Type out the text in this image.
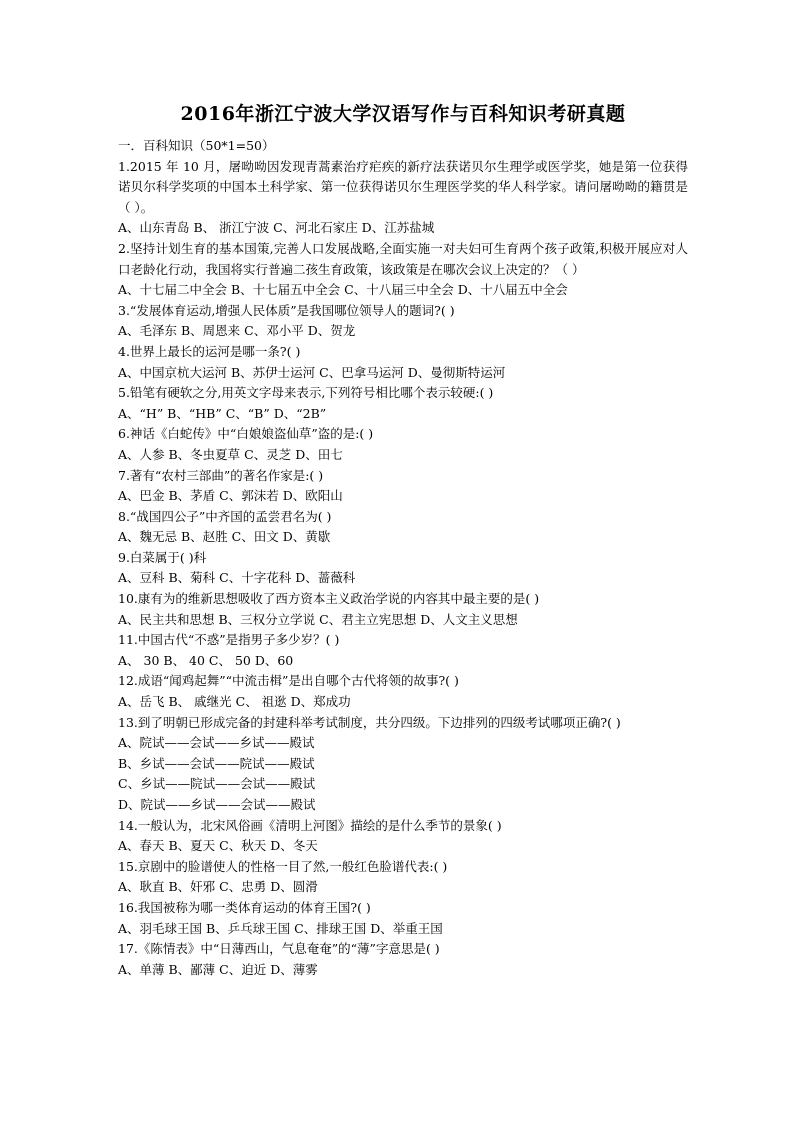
2016年浙江宁波大学汉语写作与百科知识考研真题

一．百科知识（50*1=50）

1.2015 年 10 月，屠呦呦因发现青蒿素治疗疟疾的新疗法获诺贝尔生理学或医学奖，她是第一位获得诺贝尔科学奖项的中国本土科学家、第一位获得诺贝尔生理医学奖的华人科学家。请问屠呦呦的籍贯是（ ）。

A、山东青岛 B、 浙江宁波 C、河北石家庄 D、江苏盐城

2.坚持计划生育的基本国策,完善人口发展战略,全面实施一对夫妇可生育两个孩子政策,积极开展应对人口老龄化行动，我国将实行普遍二孩生育政策，该政策是在哪次会议上决定的？（ ）

A、十七届二中全会 B、十七届五中全会 C、十八届三中全会 D、十八届五中全会

3.“发展体育运动,增强人民体质”是我国哪位领导人的题词?( )

A、毛泽东 B、周恩来 C、邓小平 D、贺龙

4.世界上最长的运河是哪一条?( )

A、中国京杭大运河 B、苏伊士运河 C、巴拿马运河 D、曼彻斯特运河

5.铅笔有硬软之分,用英文字母来表示,下列符号相比哪个表示较硬:( )

A、“H” B、“HB” C、“B” D、“2B”

6.神话《白蛇传》中“白娘娘盗仙草”盗的是:( )

A、人参 B、冬虫夏草 C、灵芝 D、田七

7.著有“农村三部曲”的著名作家是:( )

A、巴金 B、茅盾 C、郭沫若 D、欧阳山

8.“战国四公子”中齐国的孟尝君名为( )

A、魏无忌 B、赵胜 C、田文 D、黄歇

9.白菜属于( )科

A、豆科 B、菊科 C、十字花科 D、蔷薇科

10.康有为的维新思想吸收了西方资本主义政治学说的内容其中最主要的是( )

A、民主共和思想 B、三权分立学说 C、君主立宪思想 D、人文主义思想

11.中国古代“不惑”是指男子多少岁？( )

A、 30 B、 40 C、 50 D、60

12.成语“闻鸡起舞”“中流击楫”是出自哪个古代将领的故事?( )

A、岳飞 B、 戚继光 C、 祖逖 D、郑成功

13.到了明朝已形成完备的封建科举考试制度，共分四级。下边排列的四级考试哪项正确?( )

A、院试——会试——乡试——殿试

B、乡试——会试——院试——殿试

C、乡试——院试——会试——殿试

D、院试——乡试——会试——殿试

14.一般认为，北宋风俗画《清明上河图》描绘的是什么季节的景象( )

A、春天 B、夏天 C、秋天 D、冬天

15.京剧中的脸谱使人的性格一目了然,一般红色脸谱代表:( )

A、耿直 B、奸邪 C、忠勇 D、圆滑

16.我国被称为哪一类体育运动的体育王国?( )

A、羽毛球王国 B、乒乓球王国 C、排球王国 D、举重王国

17.《陈情表》中“日薄西山，气息奄奄”的“薄”字意思是( )

A、单薄 B、鄙薄 C、迫近 D、薄雾
